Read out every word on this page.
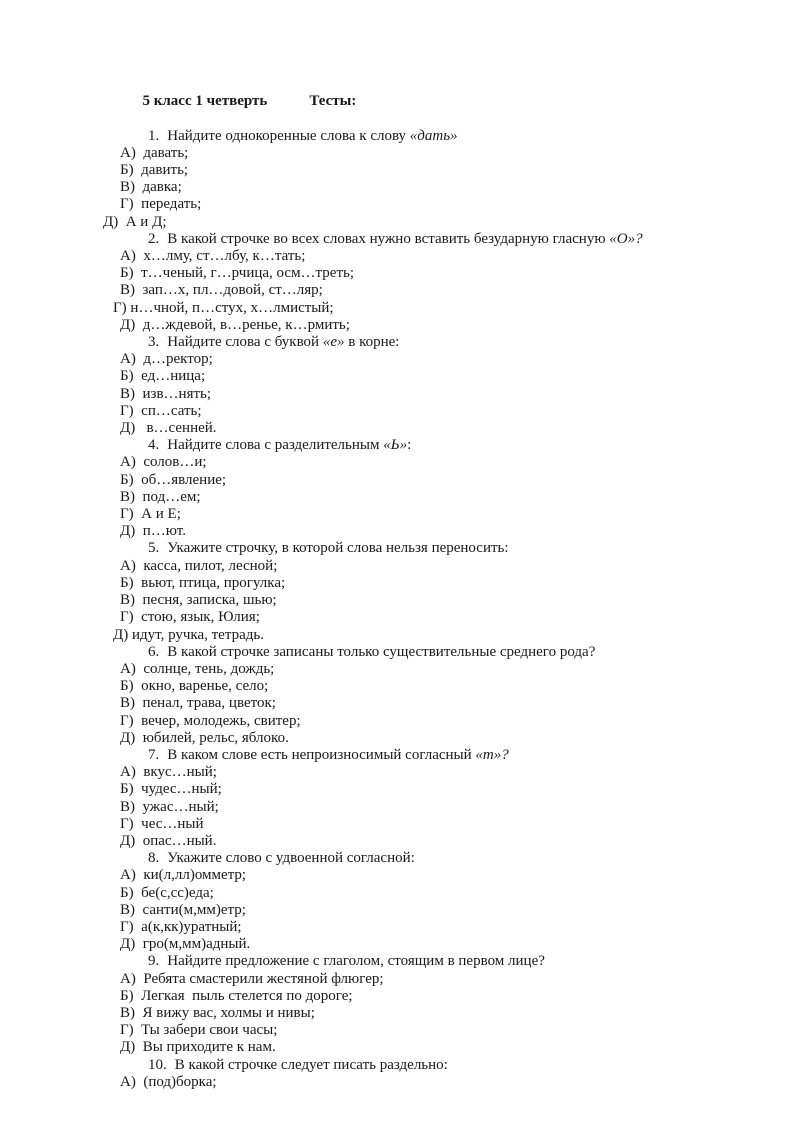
5 класс 1 четверть	Тесты:

1. Найдите однокоренные слова к слову «дать»
А)  давать;
Б)  давить;
В)  давка;
Г)  передать;
Д)  А и Д;
2. В какой строчке во всех словах нужно вставить безударную гласную «О»?
А)  х…лму, ст…лбу, к…тать;
Б)  т…ченый, г…рчица, осм…треть;
В)  зап…х, пл…довой, ст…ляр;
Г) н…чной, п…стух, х…лмистый;
Д)  д…ждевой, в…ренье, к…рмить;
3. Найдите слова с буквой «е» в корне:
А)  д…ректор;
Б)  ед…ница;
В)  изв…нять;
Г)  сп…сать;
Д)   в…сенней.
4. Найдите слова с разделительным «Ь»:
А)  солов…и;
Б)  об…явление;
В)  под…ем;
Г)  А и Е;
Д)  п…ют.
5. Укажите строчку, в которой слова нельзя переносить:
А)  касса, пилот, лесной;
Б)  вьют, птица, прогулка;
В)  песня, записка, шью;
Г)  стою, язык, Юлия;
Д) идут, ручка, тетрадь.
6. В какой строчке записаны только существительные среднего рода?
А)  солнце, тень, дождь;
Б)  окно, варенье, село;
В)  пенал, трава, цветок;
Г)  вечер, молодежь, свитер;
Д)  юбилей, рельс, яблоко.
7. В каком слове есть непроизносимый согласный «т»?
А)  вкус…ный;
Б)  чудес…ный;
В)  ужас…ный;
Г)  чес…ный
Д)  опас…ный.
8. Укажите слово с удвоенной согласной:
А)  ки(л,лл)омметр;
Б)  бе(с,сс)еда;
В)  санти(м,мм)етр;
Г)  а(к,кк)уратный;
Д)  гро(м,мм)адный.
9. Найдите предложение с глаголом, стоящим в первом лице?
А)  Ребята смастерили жестяной флюгер;
Б)  Легкая  пыль стелется по дороге;
В)  Я вижу вас, холмы и нивы;
Г)  Ты забери свои часы;
Д)  Вы приходите к нам.
10. В какой строчке следует писать раздельно:
А)  (под)борка;
